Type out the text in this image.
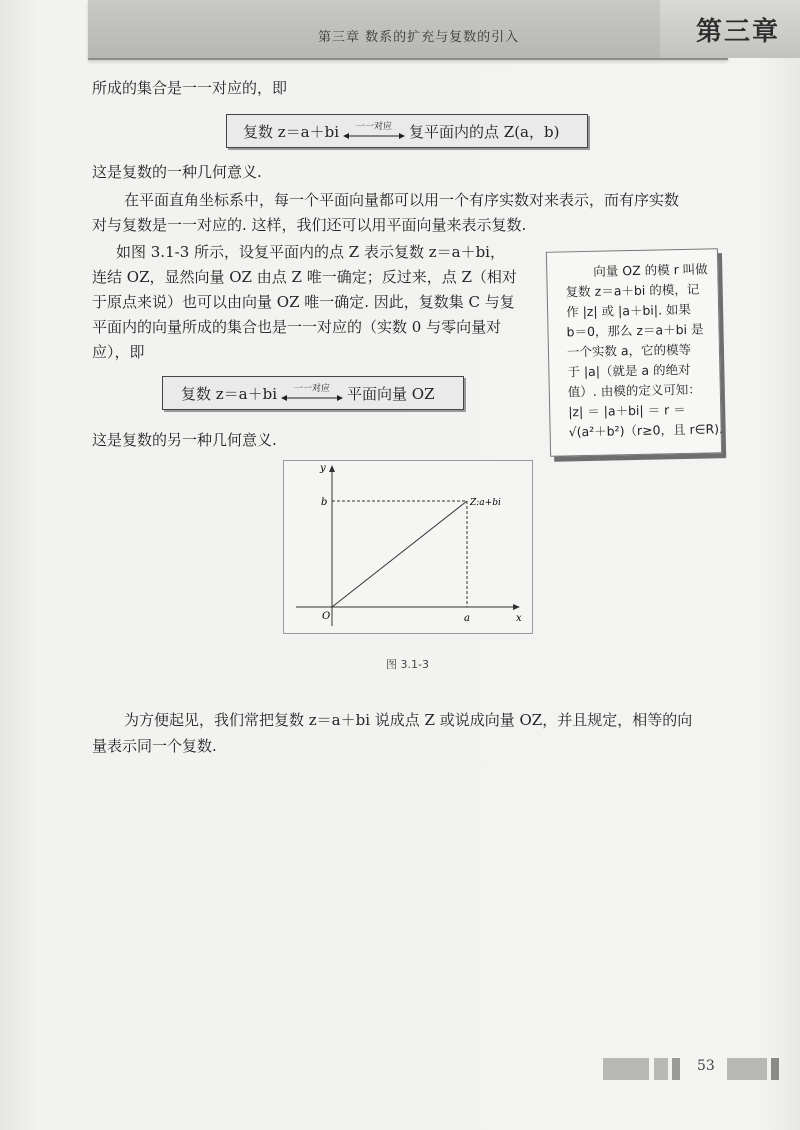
第三章 数系的扩充与复数的引入	第三章
所成的集合是一一对应的，即
复数 z＝a＋bi 一一对应 复平面内的点 Z(a，b)
这是复数的一种几何意义.
在平面直角坐标系中，每一个平面向量都可以用一个有序实数对来表示，而有序实数
对与复数是一一对应的. 这样，我们还可以用平面向量来表示复数.
如图 3.1-3 所示，设复平面内的点 Z 表示复数 z＝a＋bi，
连结 OZ，显然向量 OZ 由点 Z 唯一确定；反过来，点 Z（相对
于原点来说）也可以由向量 OZ 唯一确定. 因此，复数集 C 与复
平面内的向量所成的集合也是一一对应的（实数 0 与零向量对
应），即
复数 z＝a＋bi 一一对应 平面向量 OZ
这是复数的另一种几何意义.
向量 OZ 的模 r 叫做
复数 z＝a＋bi 的模，记
作 |z| 或 |a＋bi|. 如果
b＝0，那么 z＝a＋bi 是
一个实数 a，它的模等
于 |a|（就是 a 的绝对
值）. 由模的定义可知：
|z| ＝ |a＋bi| ＝ r ＝
√(a²＋b²)（r≥0，且 r∈R).
y
x
O	a
b	Z:a+bi
图 3.1-3
为方便起见，我们常把复数 z＝a＋bi 说成点 Z 或说成向量 OZ，并且规定，相等的向
量表示同一个复数.
53
